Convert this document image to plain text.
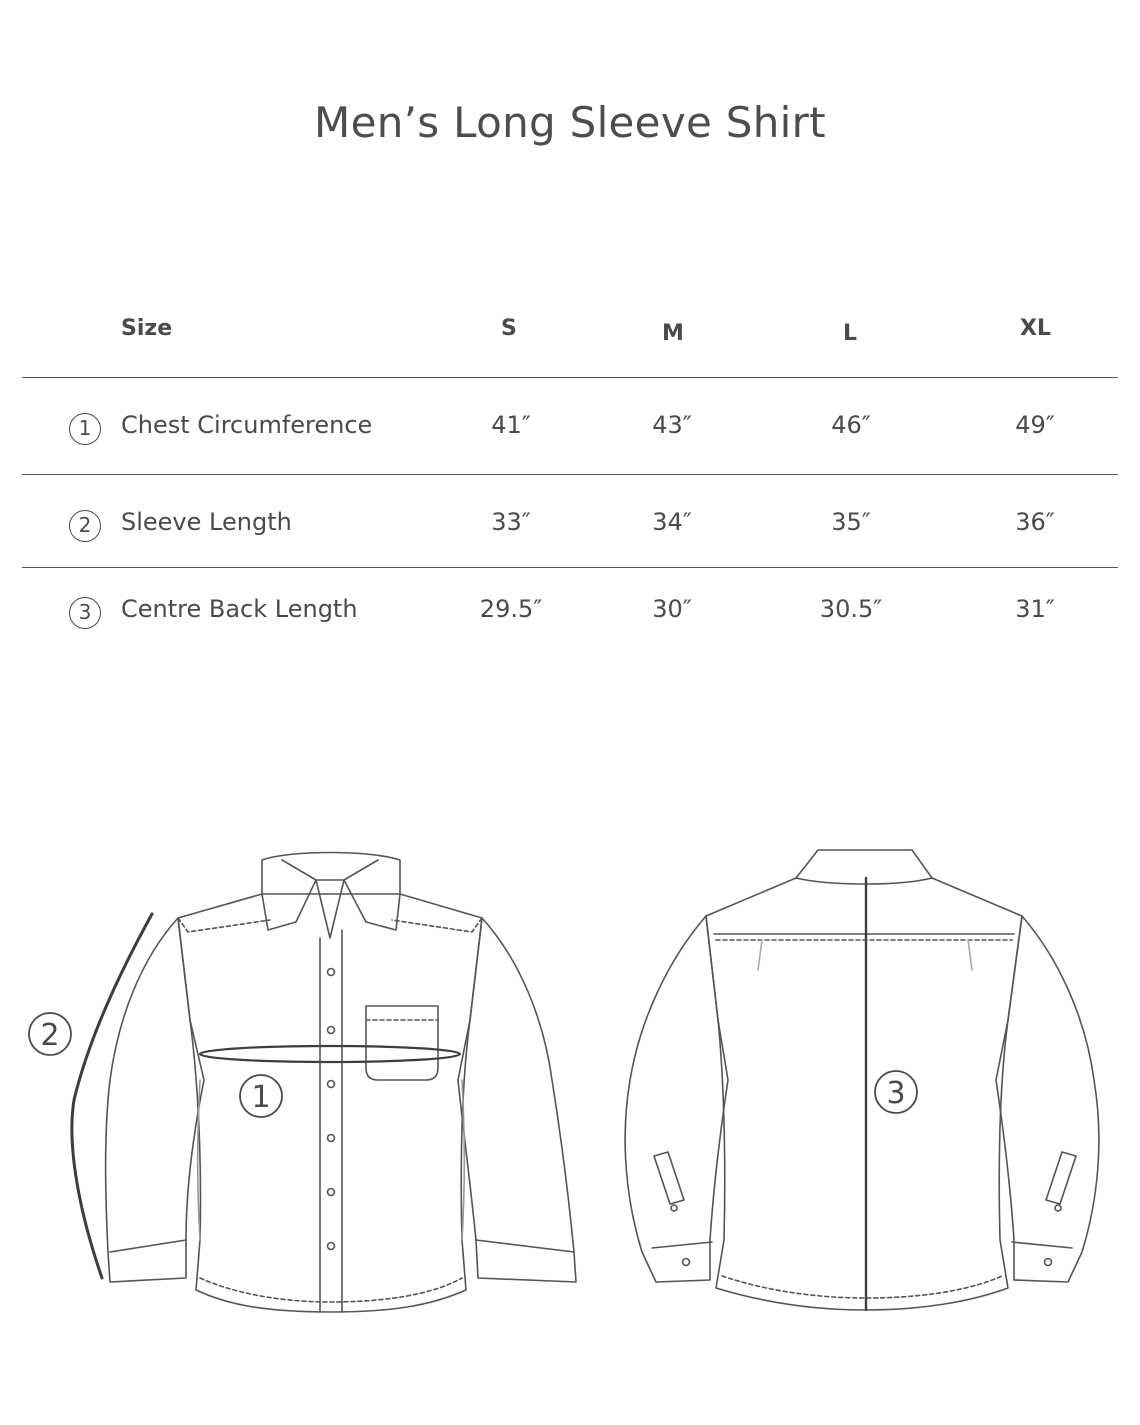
Men’s Long Sleeve Shirt
Size	S	M	L	XL
1	Chest Circumference	41″	43″	46″	49″
2	Sleeve Length	33″	34″	35″	36″
3	Centre Back Length	29.5″	30″	30.5″	31″
2
1	3
